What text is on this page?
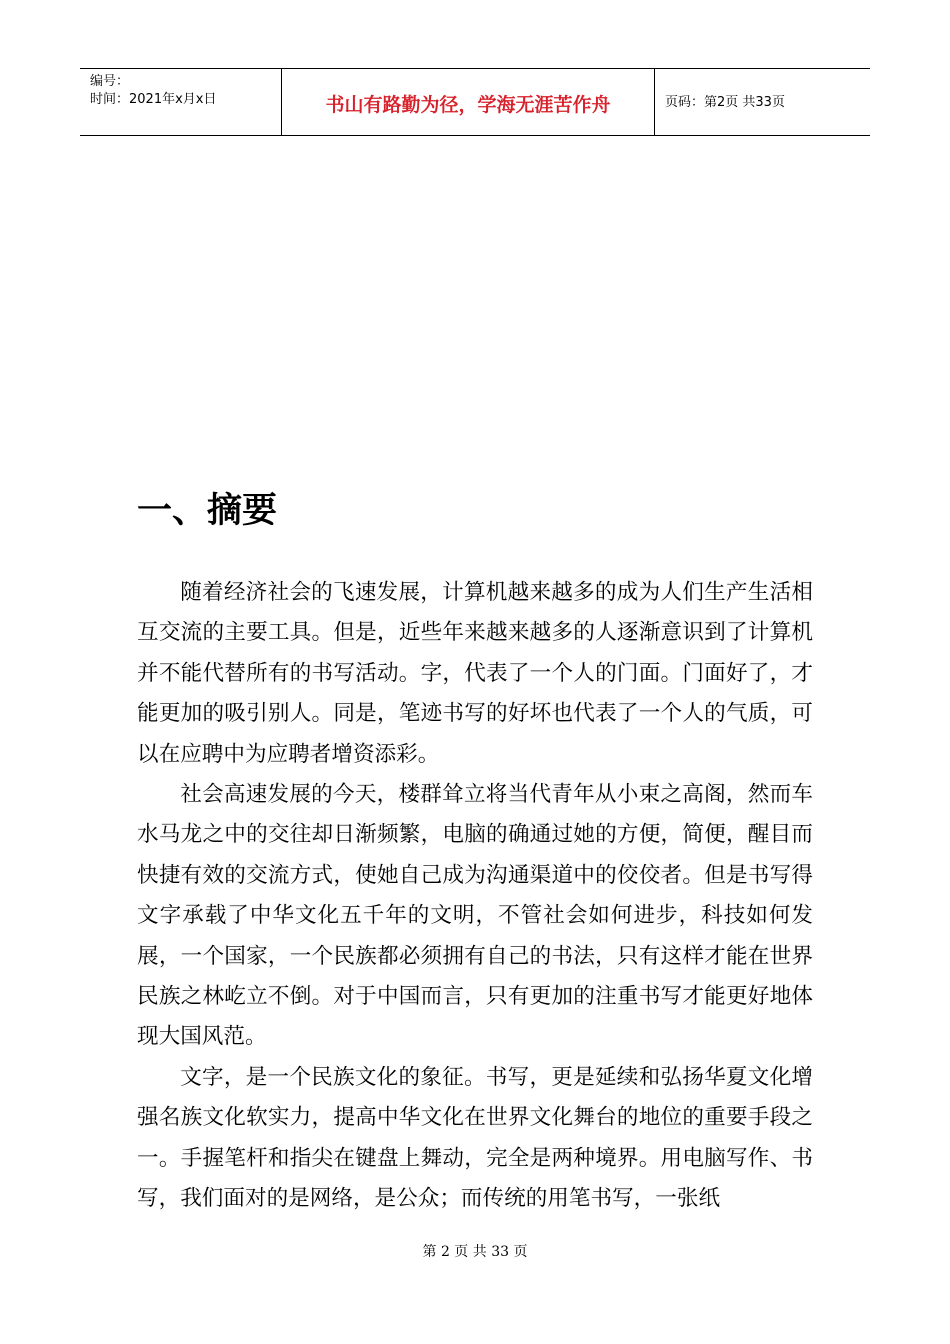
编号：
时间：2021年x月x日	书山有路勤为径，学海无涯苦作舟	页码：第2页 共33页
一、摘要

随着经济社会的飞速发展，计算机越来越多的成为人们生产生活相互交流的主要工具。但是，近些年来越来越多的人逐渐意识到了计算机并不能代替所有的书写活动。字，代表了一个人的门面。门面好了，才能更加的吸引别人。同是，笔迹书写的好坏也代表了一个人的气质，可以在应聘中为应聘者增资添彩。

社会高速发展的今天，楼群耸立将当代青年从小束之高阁，然而车水马龙之中的交往却日渐频繁，电脑的确通过她的方便，简便，醒目而快捷有效的交流方式，使她自己成为沟通渠道中的佼佼者。但是书写得文字承载了中华文化五千年的文明，不管社会如何进步，科技如何发展，一个国家，一个民族都必须拥有自己的书法，只有这样才能在世界民族之林屹立不倒。对于中国而言，只有更加的注重书写才能更好地体现大国风范。

文字，是一个民族文化的象征。书写，更是延续和弘扬华夏文化增强名族文化软实力，提高中华文化在世界文化舞台的地位的重要手段之一。手握笔杆和指尖在键盘上舞动，完全是两种境界。用电脑写作、书写，我们面对的是网络，是公众；而传统的用笔书写，一张纸

第 2 页 共 33 页
